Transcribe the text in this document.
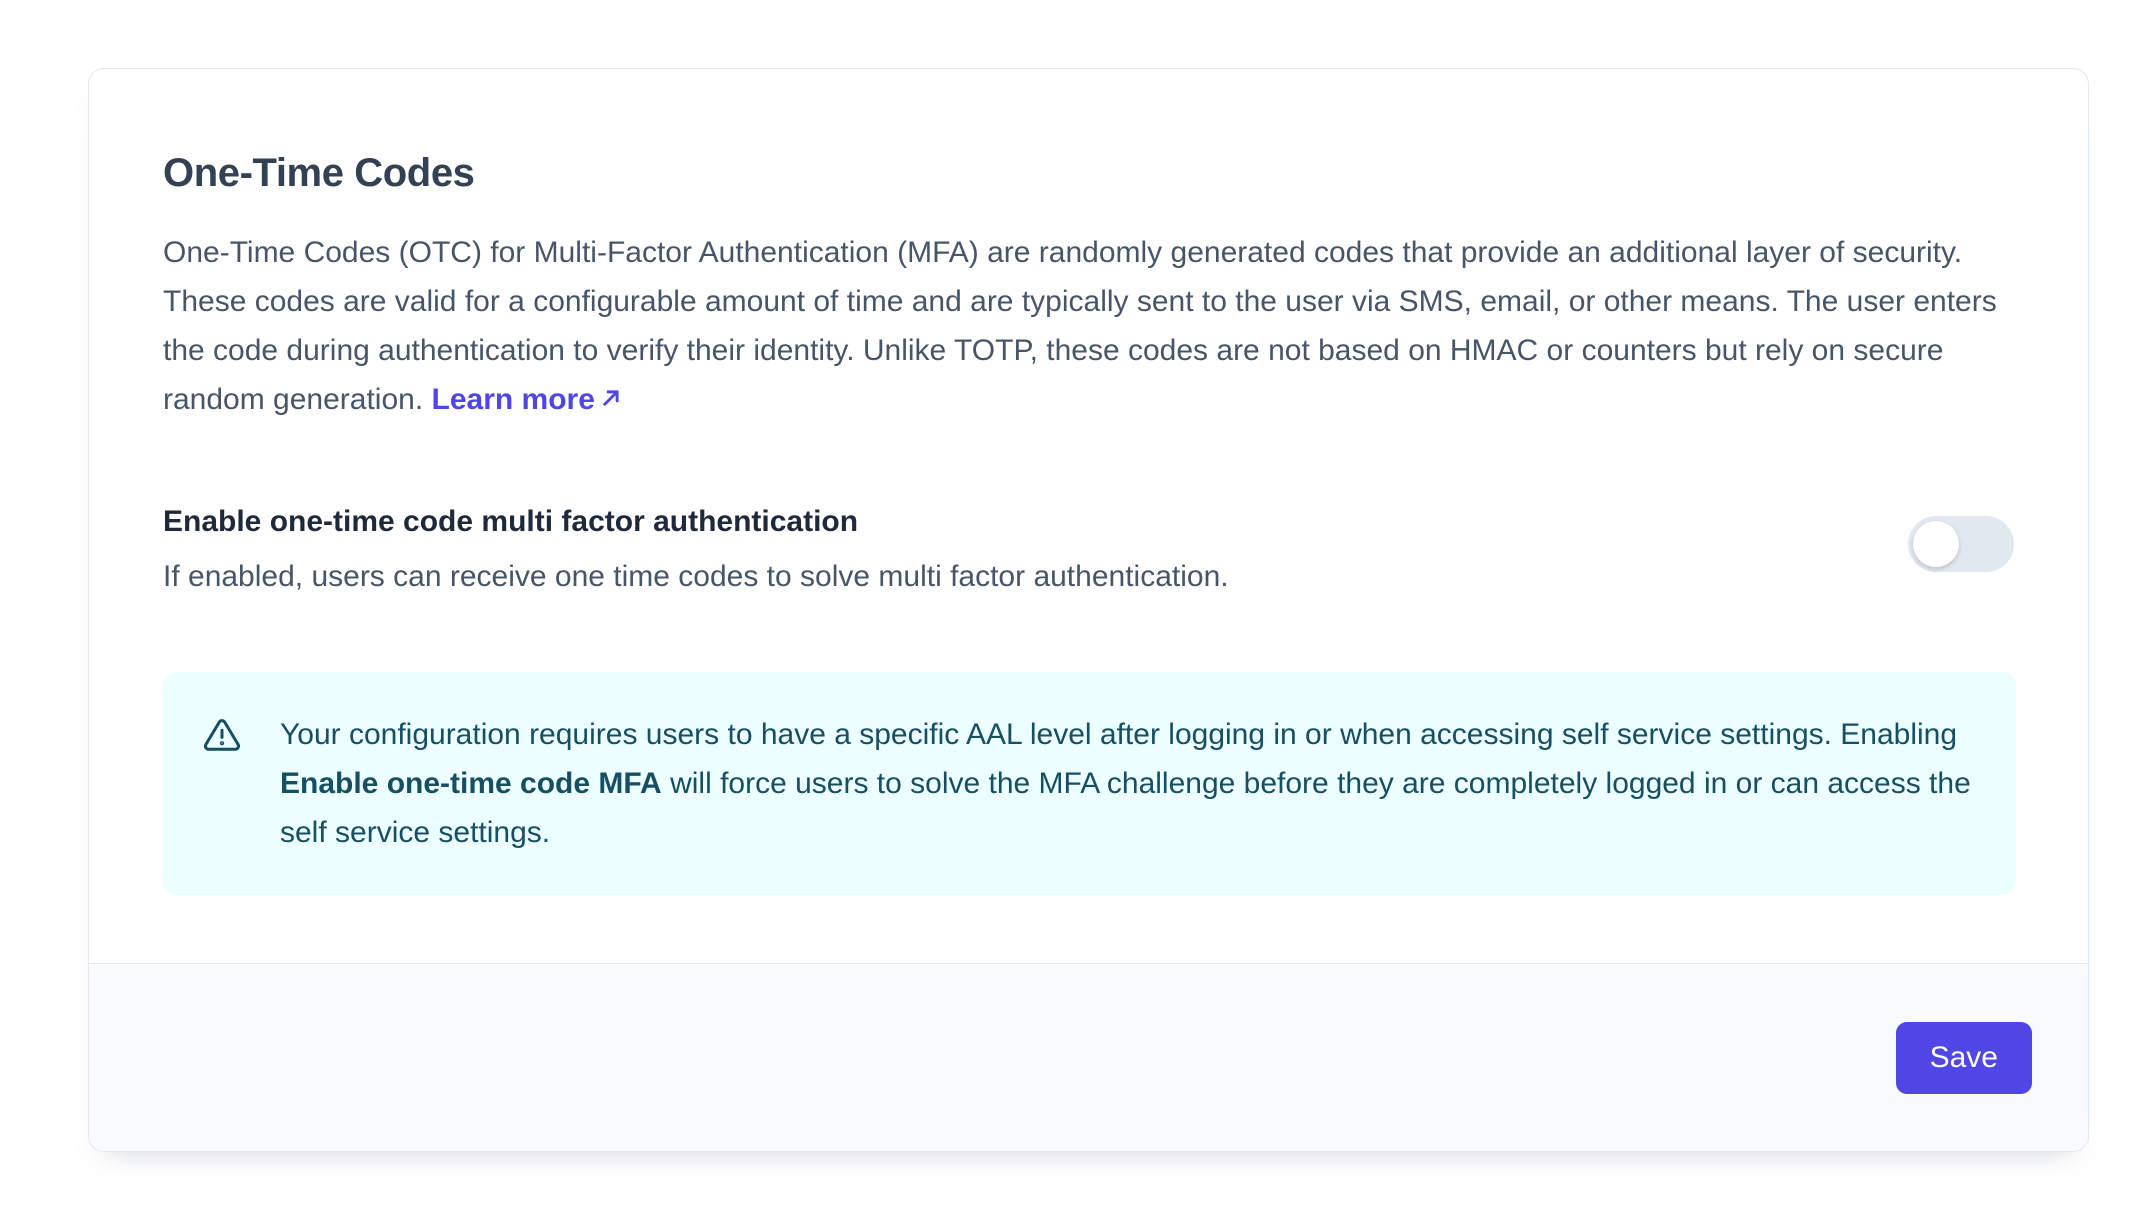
One-Time Codes

One-Time Codes (OTC) for Multi-Factor Authentication (MFA) are randomly generated codes that provide an additional layer of security. These codes are valid for a configurable amount of time and are typically sent to the user via SMS, email, or other means. The user enters the code during authentication to verify their identity. Unlike TOTP, these codes are not based on HMAC or counters but rely on secure random generation. Learn more

Enable one-time code multi factor authentication
If enabled, users can receive one time codes to solve multi factor authentication.
Your configuration requires users to have a specific AAL level after logging in or when accessing self service settings. Enabling Enable one-time code MFA will force users to solve the MFA challenge before they are completely logged in or can access the self service settings.
Save
